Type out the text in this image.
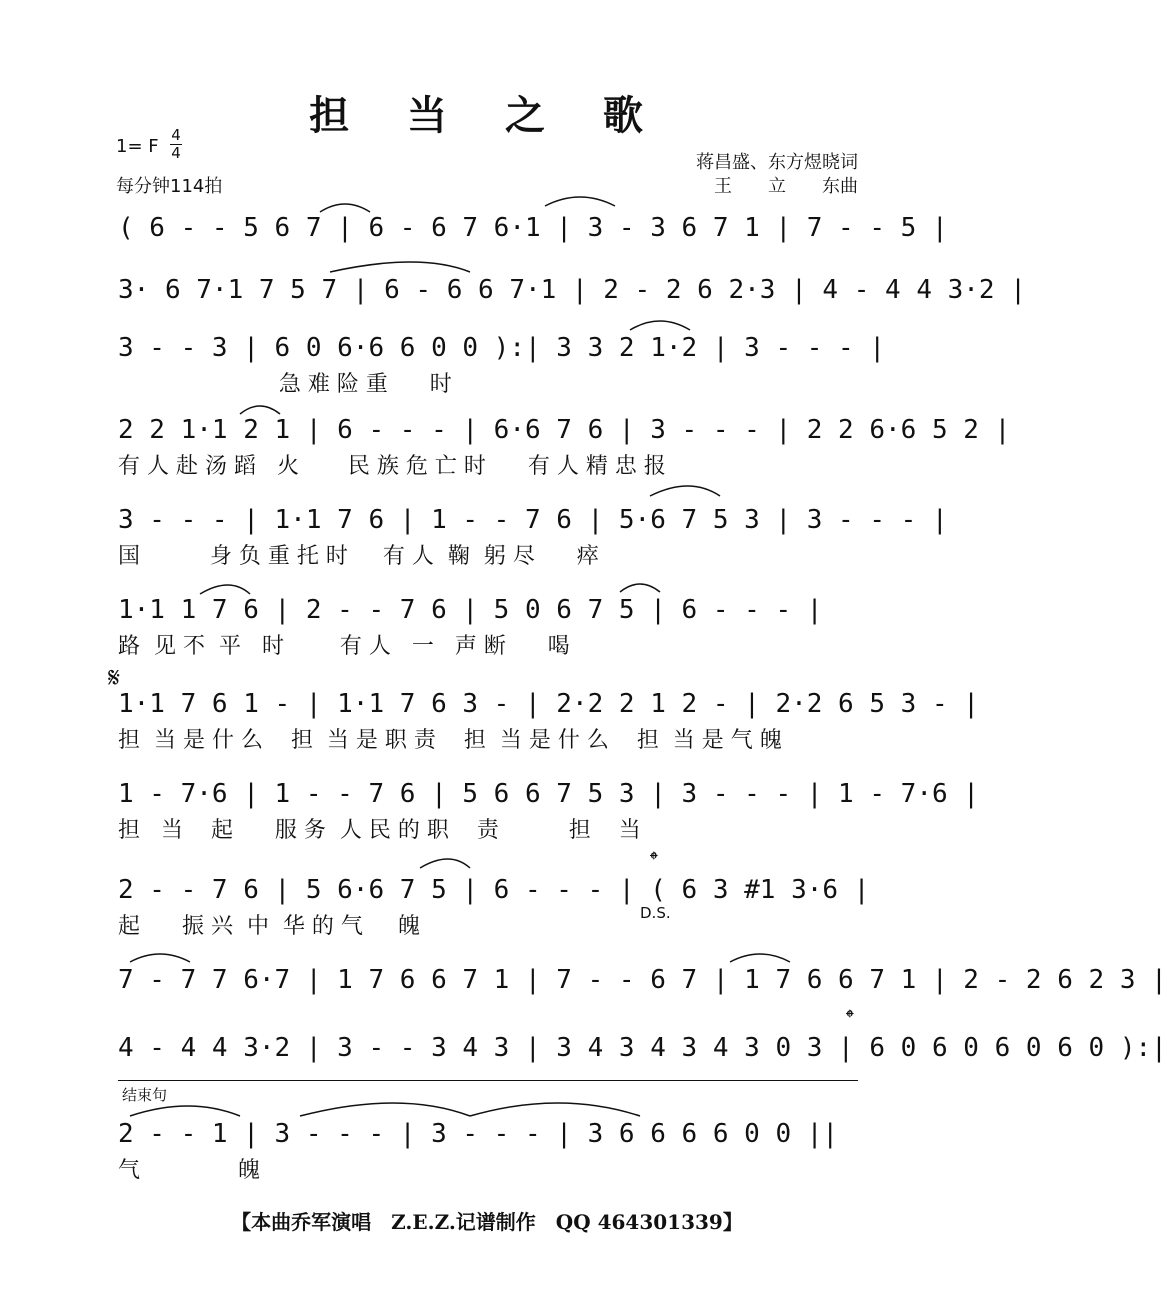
担 当 之 歌
1= F
4
4
每分钟114拍
蒋昌盛、东方煜晓词
王　　立　　东曲
( 6 - - 5 6 7 | 6 - 6 7 6·1 | 3 - 3 6 7 1 | 7 - - 5 |
3· 6 7·1 7 5 7 | 6 - 6 6 7·1 | 2 - 2 6 2·3 | 4 - 4 4 3·2 |
3 - - 3 | 6 0 6·6 6 0 0 ):| 3 3 2 1·2 | 3 - - - |
急 难 险 重      时
2 2 1·1 2 1 | 6 - - - | 6·6 7 6 | 3 - - - | 2 2 6·6 5 2 |
有 人 赴 汤 蹈   火       民 族 危 亡 时      有 人 精 忠 报
3 - - - | 1·1 7 6 | 1 - - 7 6 | 5·6 7 5 3 | 3 - - - |
国          身 负 重 托 时     有 人  鞠  躬 尽      瘁
1·1 1 7 6 | 2 - - 7 6 | 5 0 6 7 5 | 6 - - - |
路  见 不  平   时        有 人   一   声 断      喝
1·1 7 6 1 - | 1·1 7 6 3 - | 2·2 2 1 2 - | 2·2 6 5 3 - |
担  当 是 什 么    担  当 是 职 责    担  当 是 什 么    担  当 是 气 魄
1 - 7·6 | 1 - - 7 6 | 5 6 6 7 5 3 | 3 - - - | 1 - 7·6 |
担   当    起      服 务  人 民 的 职    责          担    当
2 - - 7 6 | 5 6·6 7 5 | 6 - - - | ( 6 3 #1 3·6 |
起      振 兴  中  华 的 气     魄
7 - 7 7 6·7 | 1 7 6 6 7 1 | 7 - - 6 7 | 1 7 6 6 7 1 | 2 - 2 6 2 3 |
4 - 4 4 3·2 | 3 - - 3 4 3 | 3 4 3 4 3 4 3 0 3 | 6 0 6 0 6 0 6 0 ):|
2 - - 1 | 3 - - - | 3 - - - | 3 6 6 6 6 0 0 ||
气              魄
𝄋
𝄌
𝄌
D.S.
结束句
【本曲乔军演唱　Z.E.Z.记谱制作　QQ 464301339】
